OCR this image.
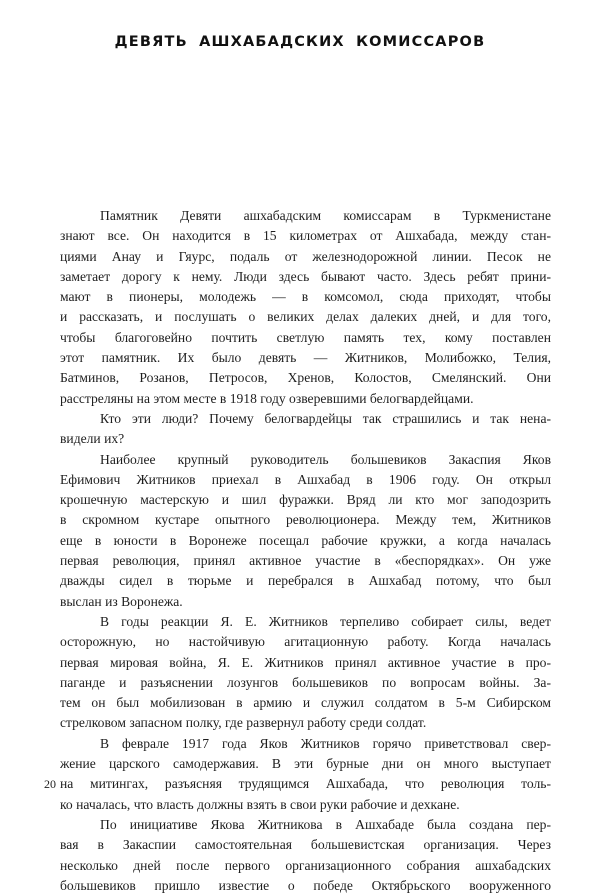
ДЕВЯТЬ АШХАБАДСКИХ КОМИССАРОВ
Памятник Девяти ашхабадским комиссарам в Туркменистане
знают все. Он находится в 15 километрах от Ашхабада, между стан-
циями Анау и Гяурс, подаль от железнодорожной линии. Песок не
заметает дорогу к нему. Люди здесь бывают часто. Здесь ребят прини-
мают в пионеры, молодежь — в комсомол, сюда приходят, чтобы
и рассказать, и послушать о великих делах далеких дней, и для того,
чтобы благоговейно почтить светлую память тех, кому поставлен
этот памятник. Их было девять — Житников, Молибожко, Телия,
Батминов, Розанов, Петросов, Хренов, Колостов, Смелянский. Они
расстреляны на этом месте в 1918 году озверевшими белогвардейцами.
Кто эти люди? Почему белогвардейцы так страшились и так нена-
видели их?
Наиболее крупный руководитель большевиков Закаспия Яков
Ефимович Житников приехал в Ашхабад в 1906 году. Он открыл
крошечную мастерскую и шил фуражки. Вряд ли кто мог заподозрить
в скромном кустаре опытного революционера. Между тем, Житников
еще в юности в Воронеже посещал рабочие кружки, а когда началась
первая революция, принял активное участие в «беспорядках». Он уже
дважды сидел в тюрьме и перебрался в Ашхабад потому, что был
выслан из Воронежа.
В годы реакции Я. Е. Житников терпеливо собирает силы, ведет
осторожную, но настойчивую агитационную работу. Когда началась
первая мировая война, Я. Е. Житников принял активное участие в про-
паганде и разъяснении лозунгов большевиков по вопросам войны. За-
тем он был мобилизован в армию и служил солдатом в 5-м Сибирском
стрелковом запасном полку, где развернул работу среди солдат.
В феврале 1917 года Яков Житников горячо приветствовал свер-
жение царского самодержавия. В эти бурные дни он много выступает
на митингах, разъясняя трудящимся Ашхабада, что революция толь-
ко началась, что власть должны взять в свои руки рабочие и дехкане.
По инициативе Якова Житникова в Ашхабаде была создана пер-
вая в Закаспии самостоятельная большевистская организация. Через
несколько дней после первого организационного собрания ашхабадских
большевиков пришло известие о победе Октябрьского вооруженного
20
